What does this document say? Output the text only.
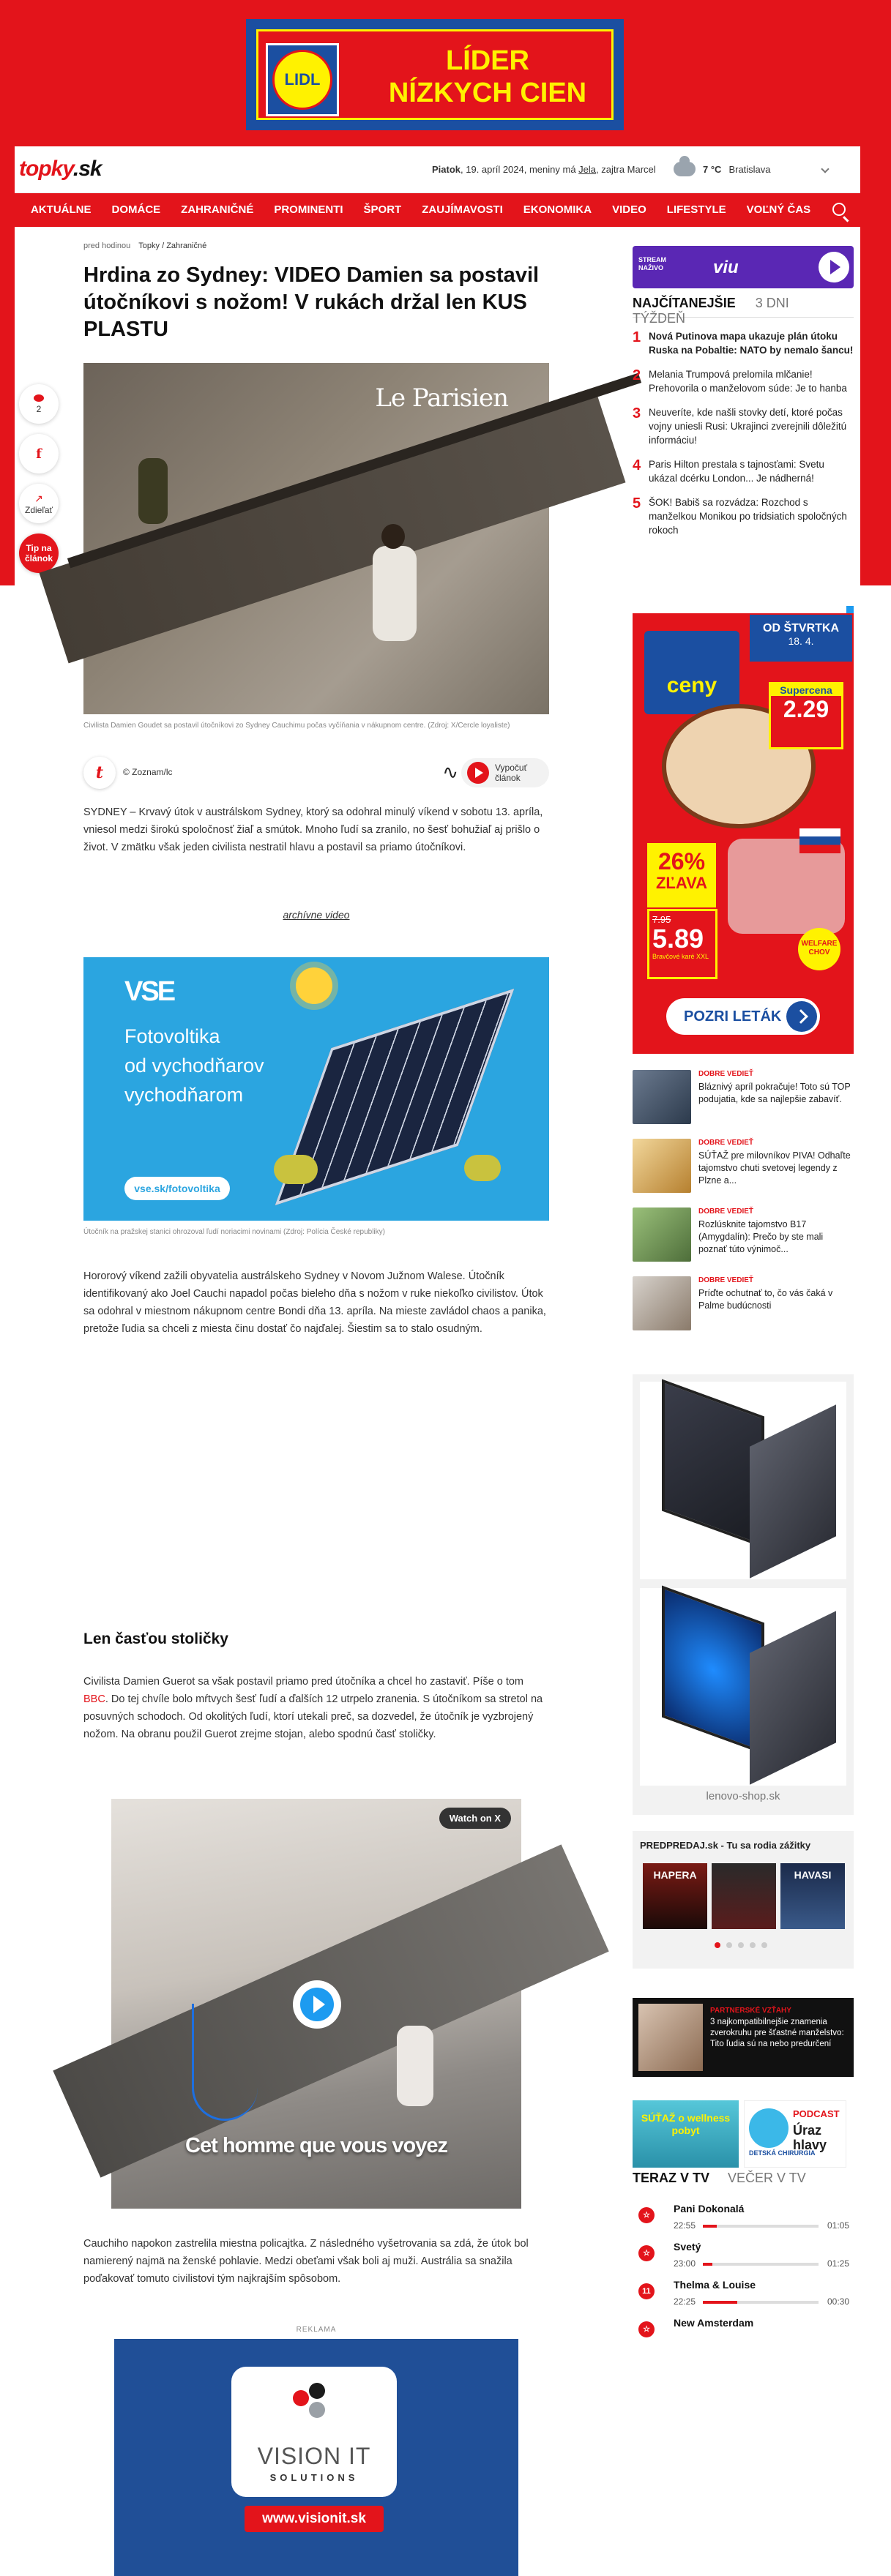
LIDL
LÍDER
NÍZKYCH CIEN
topky.sk	Piatok, 19. apríl 2024, meniny má Jela, zajtra Marcel	7 °C Bratislava
AKTUÁLNE	DOMÁCE	ZAHRANIČNÉ	PROMINENTI	ŠPORT	ZAUJÍMAVOSTI	EKONOMIKA	VIDEO	LIFESTYLE	VOĽNÝ ČAS
2
f
↗
Zdieľať
Tip na článok
pred hodinou Topky / Zahraničné
Hrdina zo Sydney: VIDEO Damien sa postavil útočníkovi s nožom! V rukách držal len KUS PLASTU
Le Parisien
Civilista Damien Goudet sa postavil útočníkovi zo Sydney Cauchimu počas vyčíňania v nákupnom centre. (Zdroj: X/Cercle loyaliste)
t	© Zoznam/lc	∿	Vypočuť článok

SYDNEY – Krvavý útok v austrálskom Sydney, ktorý sa odohral minulý víkend v sobotu 13. apríla, vniesol medzi širokú spoločnosť žiaľ a smútok. Mnoho ľudí sa zranilo, no šesť bohužiaľ aj prišlo o život. V zmätku však jeden civilista nestratil hlavu a postavil sa priamo útočníkovi.

archívne video
VSE
Fotovoltika
od vychodňarov
vychodňarom
vse.sk/fotovoltika
Útočník na pražskej stanici ohrozoval ľudí noriacimi novinami (Zdroj: Polícia České republiky)

Hororový víkend zažili obyvatelia austrálskeho Sydney v Novom Južnom Walese. Útočník identifikovaný ako Joel Cauchi napadol počas bieleho dňa s nožom v ruke niekoľko civilistov. Útok sa odohral v miestnom nákupnom centre Bondi dňa 13. apríla. Na mieste zavládol chaos a panika, pretože ľudia sa chceli z miesta činu dostať čo najďalej. Šiestim sa to stalo osudným.

Len časťou stoličky

Civilista Damien Guerot sa však postavil priamo pred útočníka a chcel ho zastaviť. Píše o tom BBC. Do tej chvíle bolo mŕtvych šesť ľudí a ďalších 12 utrpelo zranenia. S útočníkom sa stretol na posuvných schodoch. Od okolitých ľudí, ktorí utekali preč, sa dozvedel, že útočník je vyzbrojený nožom. Na obranu použil Guerot zrejme stojan, alebo spodnú časť stoličky.

Watch on X
Cet homme que vous voyez

Cauchiho napokon zastrelila miestna policajtka. Z následného vyšetrovania sa zdá, že útok bol namierený najmä na ženské pohlavie. Medzi obeťami však boli aj muži. Austrália sa snažila poďakovať tomuto civilistovi tým najkrajším spôsobom.

REKLAMA
VISION IT
SOLUTIONS
www.visionit.sk
STREAM NAŽIVO	viu
NAJČÍTANEJŠIE 3 DNI TÝŽDEŇ
1 Nová Putinova mapa ukazuje plán útoku Ruska na Pobaltie: NATO by nemalo šancu!
2 Melania Trumpová prelomila mlčanie! Prehovorila o manželovom súde: Je to hanba
3 Neuveríte, kde našli stovky detí, ktoré počas vojny uniesli Rusi: Ukrajinci zverejnili dôležitú informáciu!
4 Paris Hilton prestala s tajnosťami: Svetu ukázal dcérku London... Je nádherná!
5 ŠOK! Babiš sa rozvádza: Rozchod s manželkou Monikou po tridsiatich spoločných rokoch
OD ŠTVRTKA
18. 4.
ceny	Supercena
2.29
26%
ZĽAVA
7.95
5.89
Bravčové karé XXL
WELFARE CHOV
POZRI LETÁK
DOBRE VEDIEŤ
Bláznivý apríl pokračuje! Toto sú TOP podujatia, kde sa najlepšie zabavíť.
DOBRE VEDIEŤ
SÚŤAŽ pre milovníkov PIVA! Odhaľte tajomstvo chuti svetovej legendy z Plzne a...
DOBRE VEDIEŤ
Rozlúsknite tajomstvo B17 (Amygdalín): Prečo by ste mali poznať túto výnimoč...
DOBRE VEDIEŤ
Príďte ochutnať to, čo vás čaká v Palme budúcnosti
lenovo-shop.sk
PREDPREDAJ.sk - Tu sa rodia zážitky
HAPERA	HAVASI
PARTNERSKÉ VZŤAHY
3 najkompatibilnejšie znamenia zverokruhu pre šťastné manželstvo: Tito ľudia sú na nebo predurčení
SÚŤAŽ o wellness pobyt
PODCAST
Úraz hlavy
DETSKÁ CHIRURGIA
TERAZ V TV VEČER V TV
☆
Pani Dokonalá
22:55	01:05
☆
Svetý
23:00	01:25
11
Thelma & Louise
22:25	00:30
☆
New Amsterdam
